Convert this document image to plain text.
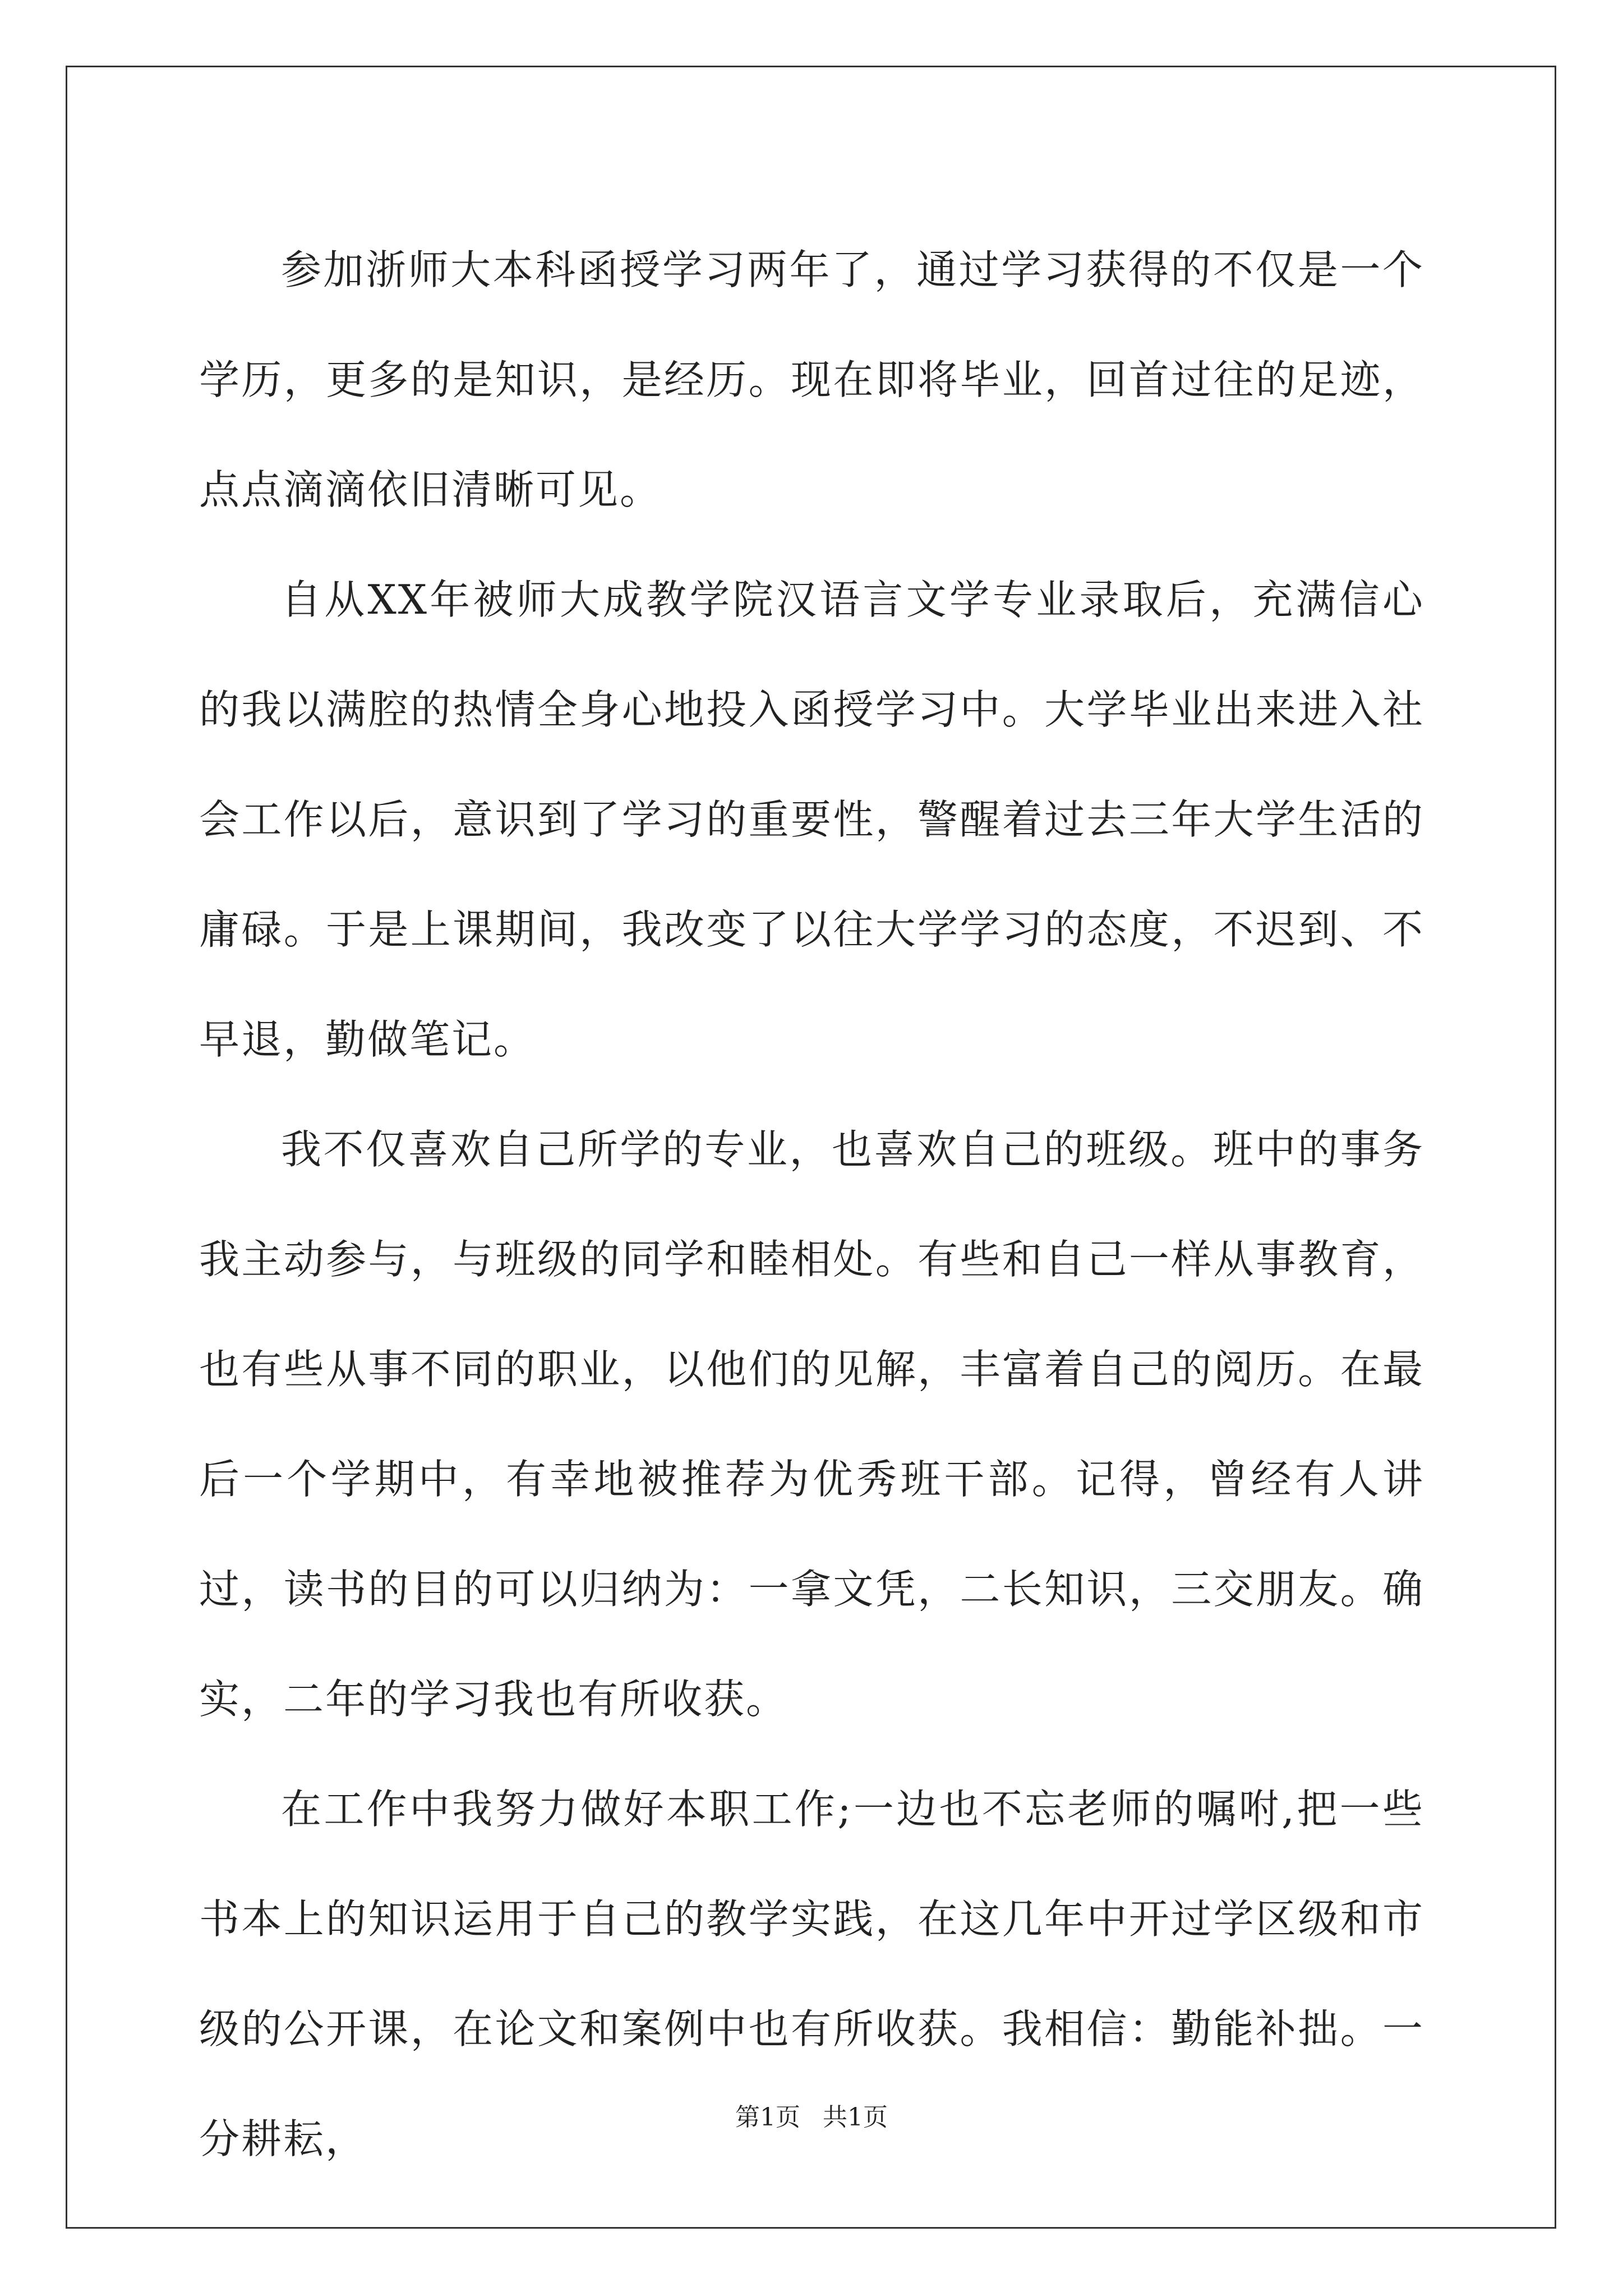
参加浙师大本科函授学习两年了，通过学习获得的不仅是一个学历，更多的是知识，是经历。现在即将毕业，回首过往的足迹，点点滴滴依旧清晰可见。

自从XX年被师大成教学院汉语言文学专业录取后，充满信心的我以满腔的热情全身心地投入函授学习中。大学毕业出来进入社会工作以后，意识到了学习的重要性，警醒着过去三年大学生活的庸碌。于是上课期间，我改变了以往大学学习的态度，不迟到、不早退，勤做笔记。

我不仅喜欢自己所学的专业，也喜欢自己的班级。班中的事务我主动参与，与班级的同学和睦相处。有些和自己一样从事教育，也有些从事不同的职业，以他们的见解，丰富着自己的阅历。在最后一个学期中，有幸地被推荐为优秀班干部。记得，曾经有人讲过，读书的目的可以归纳为：一拿文凭，二长知识，三交朋友。确实，二年的学习我也有所收获。

在工作中我努力做好本职工作;一边也不忘老师的嘱咐,把一些书本上的知识运用于自己的教学实践，在这几年中开过学区级和市级的公开课，在论文和案例中也有所收获。我相信：勤能补拙。一分耕耘，	第1页 共1页
